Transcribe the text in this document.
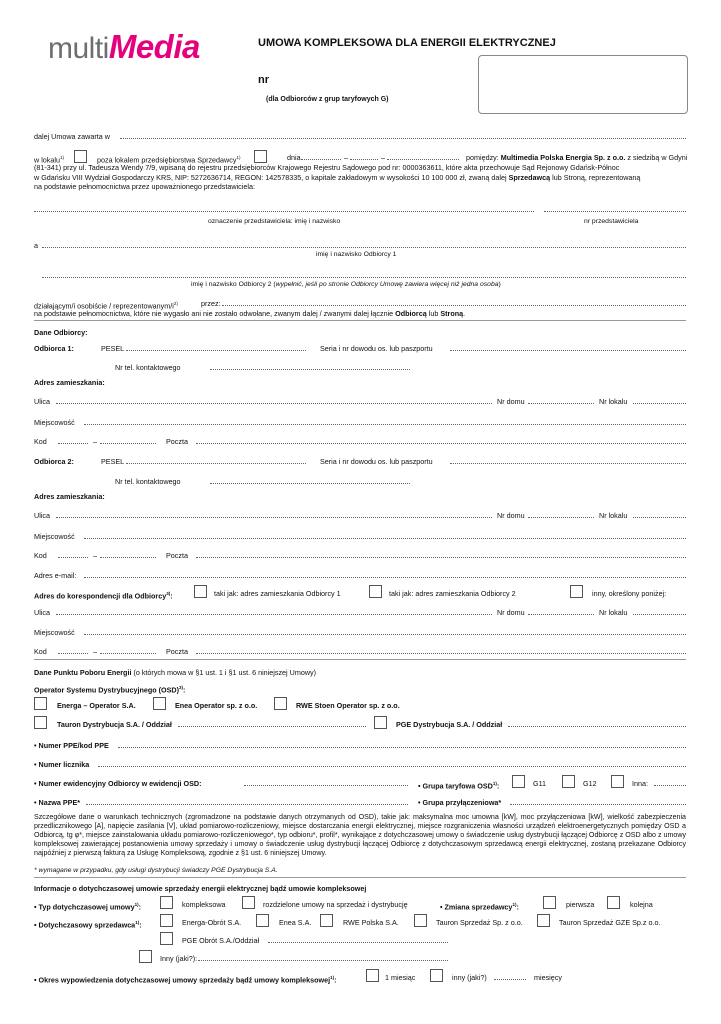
multiMedia	UMOWA KOMPLEKSOWA DLA ENERGII ELEKTRYCZNEJ
nr
(dla Odbiorców z grup taryfowych G)
dalej Umowa zawarta w
w lokalu$^{1)}$	poza lokalem przedsiębiorstwa Sprzedawcy$^{1)}$	dnia	–	–	pomiędzy: Multimedia Polska Energia Sp. z o.o. z siedzibą w Gdyni
(81-341) przy ul. Tadeusza Wendy 7/9, wpisaną do rejestru przedsiębiorców Krajowego Rejestru Sądowego pod nr: 0000363611, które akta przechowuje Sąd Rejonowy Gdańsk-Północ
w Gdańsku VIII Wydział Gospodarczy KRS, NIP: 5272636714, REGON: 142578335, o kapitale zakładowym w wysokości 10 100 000 zł, zwaną dalej Sprzedawcą lub Stroną, reprezentowaną
na podstawie pełnomocnictwa przez upoważnionego przedstawiciela:
oznaczenie przedstawiciela: imię i nazwisko	nr przedstawiciela
a
imię i nazwisko Odbiorcy 1
imię i nazwisko Odbiorcy 2 (wypełnić, jeśli po stronie Odbiorcy Umowę zawiera więcej niż jedna osoba)
działającym/i osobiście / reprezentowanym/$i^{2)}$	przez:
na podstawie pełnomocnictwa, które nie wygasło ani nie zostało odwołane, zwanym dalej / zwanymi dalej łącznie Odbiorcą lub Stroną.
Dane Odbiorcy:
Odbiorca 1:	PESEL	Seria i nr dowodu os. lub paszportu
Nr tel. kontaktowego
Adres zamieszkania:
Ulica	Nr domu	Nr lokalu
Miejscowość
Kod	–	Poczta
Odbiorca 2:	PESEL	Seria i nr dowodu os. lub paszportu
Nr tel. kontaktowego
Adres zamieszkania:
Ulica	Nr domu	Nr lokalu
Miejscowość
Kod	–	Poczta
Adres e-mail:
Adres do korespondencji dla Odbiorcy$^{3)}$:	taki jak: adres zamieszkania Odbiorcy 1	taki jak: adres zamieszkania Odbiorcy 2	inny, określony poniżej:
Ulica	Nr domu	Nr lokalu
Miejscowość
Kod	–	Poczta
Dane Punktu Poboru Energii (o których mowa w §1 ust. 1 i §1 ust. 6 niniejszej Umowy)
Operator Systemu Dystrybucyjnego (OSD)$^{3)}$:
Energa – Operator S.A.	Enea Operator sp. z o.o.	RWE Stoen Operator sp. z o.o.
Tauron Dystrybucja S.A. / Oddział	PGE Dystrybucja S.A. / Oddział
• Numer PPE/kod PPE
• Numer licznika
• Numer ewidencyjny Odbiorcy w ewidencji OSD:	• Grupa taryfowa OSD$^{1)}$:	G11	G12	Inna:
• Nazwa PPE*	• Grupa przyłączeniowa*
Szczegółowe dane o warunkach technicznych (zgromadzone na podstawie danych otrzymanych od OSD), takie jak: maksymalna moc umowna [kW], moc przyłączeniowa [kW], wielkość zabezpieczenia przedlicznikowego [A], napięcie zasilania [V], układ pomiarowo-rozliczeniowy, miejsce dostarczania energii elektrycznej, miejsce rozgraniczenia własności urządzeń elektroenergetycznych pomiędzy OSD a Odbiorcą, tg φ*, miejsce zainstalowania układu pomiarowo-rozliczeniowego*, typ odbioru*, profil*, wynikające z dotychczasowej umowy o świadczenie usług dystrybucji łączącej Odbiorcę z OSD albo z umowy kompleksowej zawierającej postanowienia umowy sprzedaży i umowy o świadczenie usług dystrybucji łączącej Odbiorcę z dotychczasowym sprzedawcą energii elektrycznej, zostaną przekazane Odbiorcy najpóźniej z pierwszą fakturą za Usługę Kompleksową, zgodnie z §1 ust. 6 niniejszej Umowy.
* wymagane w przypadku, gdy usługi dystrybucji świadczy PGE Dystrybucja S.A.
Informacje o dotychczasowej umowie sprzedaży energii elektrycznej bądź umowie kompleksowej
• Typ dotychczasowej umowy$^{1)}$:	kompleksowa	rozdzielone umowy na sprzedaż i dystrybucję	• Zmiana sprzedawcy$^{1)}$:	pierwsza	kolejna
• Dotychczasowy sprzedawca$^{1)}$:	Energa-Obrót S.A.	Enea S.A.	RWE Polska S.A.	Tauron Sprzedaż Sp. z o.o.	Tauron Sprzedaż GZE Sp.z o.o.
PGE Obrót S.A./Oddział
Inny (jaki?):
• Okres wypowiedzenia dotychczasowej umowy sprzedaży bądź umowy kompleksowej$^{1)}$:	1 miesiąc	inny (jaki?)	miesięcy
